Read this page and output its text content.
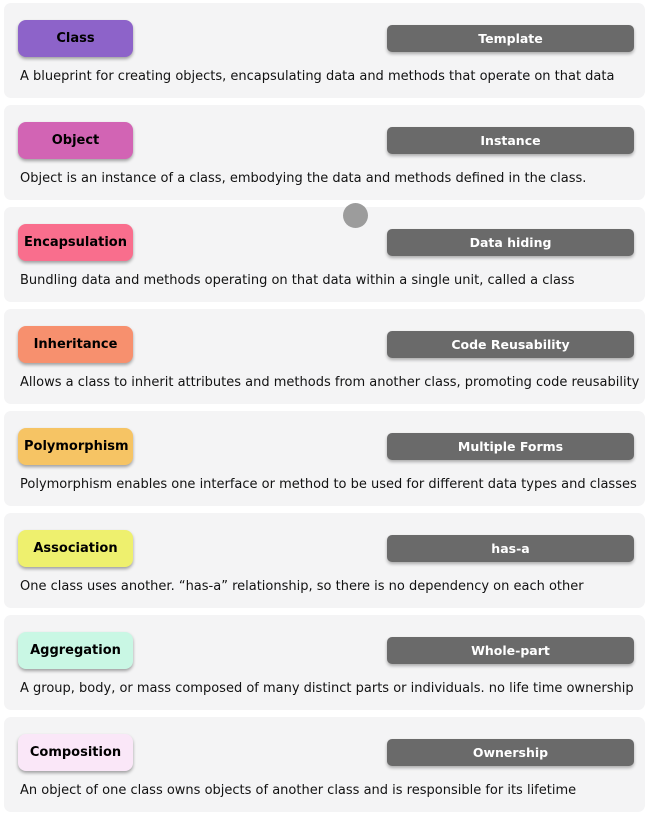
Class	Template

A blueprint for creating objects, encapsulating data and methods that operate on that data

Object	Instance

Object is an instance of a class, embodying the data and methods defined in the class.

Encapsulation	Data hiding

Bundling data and methods operating on that data within a single unit, called a class

Inheritance	Code Reusability

Allows a class to inherit attributes and methods from another class, promoting code reusability

Polymorphism	Multiple Forms

Polymorphism enables one interface or method to be used for different data types and classes

Association	has-a

One class uses another. “has-a” relationship, so there is no dependency on each other

Aggregation	Whole-part

A group, body, or mass composed of many distinct parts or individuals. no life time ownership

Composition	Ownership

An object of one class owns objects of another class and is responsible for its lifetime
